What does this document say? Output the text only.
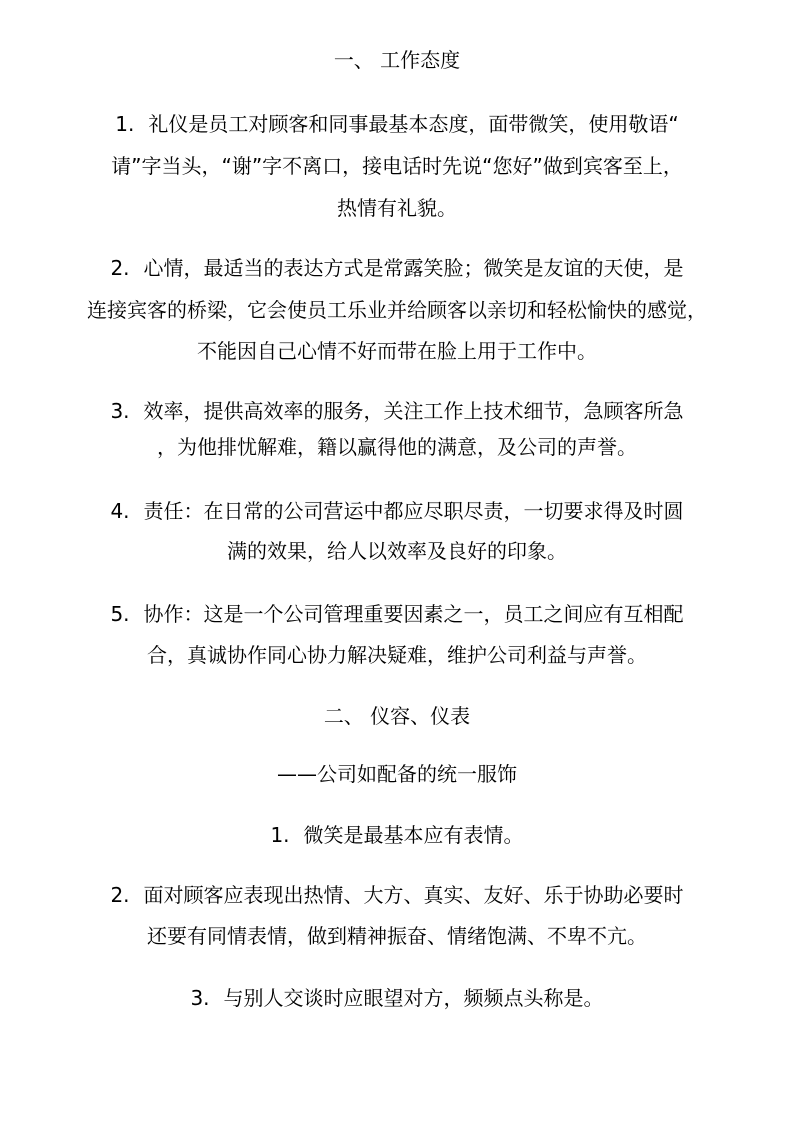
一、 工作态度
1. 礼仪是员工对顾客和同事最基本态度，面带微笑，使用敬语“
请”字当头，“谢”字不离口，接电话时先说“您好”做到宾客至上，
热情有礼貌。
2. 心情，最适当的表达方式是常露笑脸；微笑是友谊的天使，是
连接宾客的桥梁，它会使员工乐业并给顾客以亲切和轻松愉快的感觉，
不能因自己心情不好而带在脸上用于工作中。
3. 效率，提供高效率的服务，关注工作上技术细节，急顾客所急
，为他排忧解难，籍以赢得他的满意，及公司的声誉。
4. 责任：在日常的公司营运中都应尽职尽责，一切要求得及时圆
满的效果，给人以效率及良好的印象。
5. 协作：这是一个公司管理重要因素之一，员工之间应有互相配
合，真诚协作同心协力解决疑难，维护公司利益与声誉。
二、 仪容、仪表
——公司如配备的统一服饰
1. 微笑是最基本应有表情。
2. 面对顾客应表现出热情、大方、真实、友好、乐于协助必要时
还要有同情表情，做到精神振奋、情绪饱满、不卑不亢。
3. 与别人交谈时应眼望对方，频频点头称是。
